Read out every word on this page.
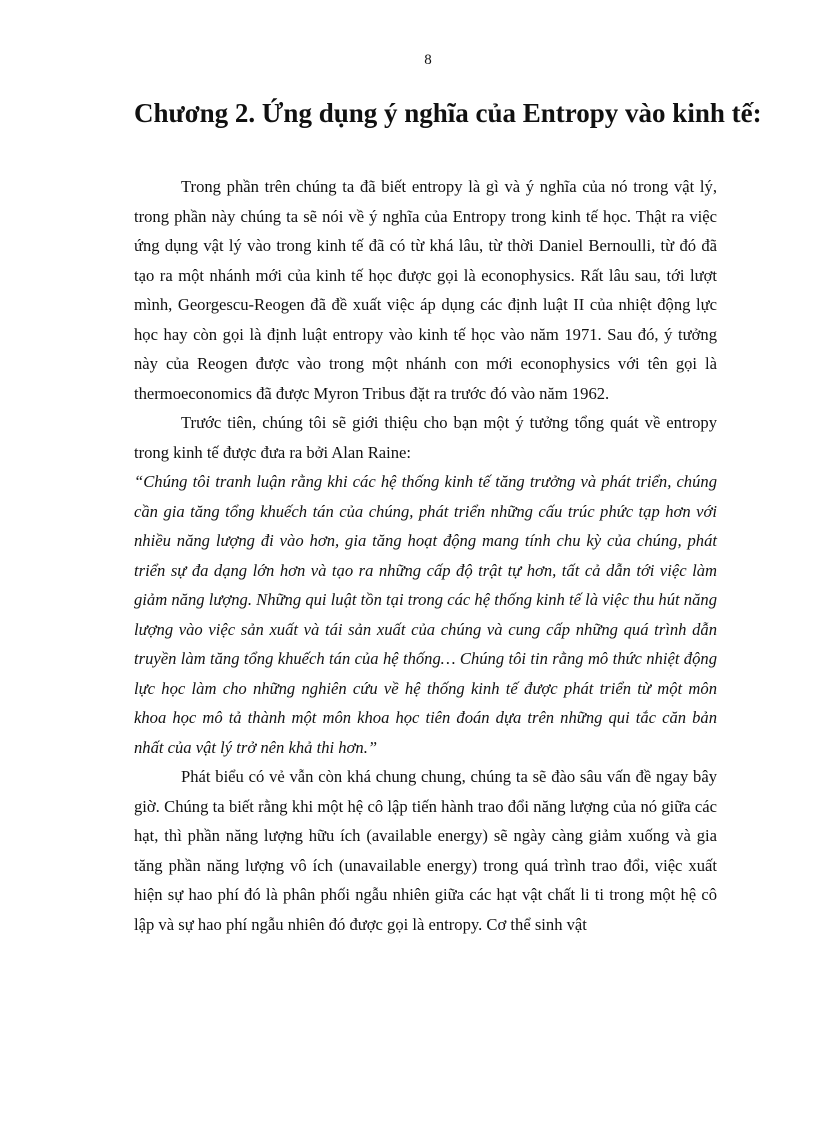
8
Chương 2. Ứng dụng ý nghĩa của Entropy vào kinh tế:

Trong phần trên chúng ta đã biết entropy là gì và ý nghĩa của nó trong vật lý, trong phần này chúng ta sẽ nói về ý nghĩa của Entropy trong kinh tế học. Thật ra việc ứng dụng vật lý vào trong kinh tế đã có từ khá lâu, từ thời Daniel Bernoulli, từ đó đã tạo ra một nhánh mới của kinh tế học được gọi là econophysics. Rất lâu sau, tới lượt mình, Georgescu-Reogen đã đề xuất việc áp dụng các định luật II của nhiệt động lực học hay còn gọi là định luật entropy vào kinh tế học vào năm 1971. Sau đó, ý tưởng này của Reogen được vào trong một nhánh con mới econophysics với tên gọi là thermoeconomics đã được Myron Tribus đặt ra trước đó vào năm 1962.

Trước tiên, chúng tôi sẽ giới thiệu cho bạn một ý tưởng tổng quát về entropy trong kinh tế được đưa ra bởi Alan Raine:

“Chúng tôi tranh luận rằng khi các hệ thống kinh tế tăng trưởng và phát triển, chúng cần gia tăng tổng khuếch tán của chúng, phát triển những cấu trúc phức tạp hơn với nhiều năng lượng đi vào hơn, gia tăng hoạt động mang tính chu kỳ của chúng, phát triển sự đa dạng lớn hơn và tạo ra những cấp độ trật tự hơn, tất cả dẫn tới việc làm giảm năng lượng. Những qui luật tồn tại trong các hệ thống kinh tế là việc thu hút năng lượng vào việc sản xuất và tái sản xuất của chúng và cung cấp những quá trình dẫn truyền làm tăng tổng khuếch tán của hệ thống… Chúng tôi tin rằng mô thức nhiệt động lực học làm cho những nghiên cứu về hệ thống kinh tế được phát triển từ một môn khoa học mô tả thành một môn khoa học tiên đoán dựa trên những qui tắc căn bản nhất của vật lý trở nên khả thi hơn.”

Phát biểu có vẻ vẫn còn khá chung chung, chúng ta sẽ đào sâu vấn đề ngay bây giờ. Chúng ta biết rằng khi một hệ cô lập tiến hành trao đổi năng lượng của nó giữa các hạt, thì phần năng lượng hữu ích (available energy) sẽ ngày càng giảm xuống và gia tăng phần năng lượng vô ích (unavailable energy) trong quá trình trao đổi, việc xuất hiện sự hao phí đó là phân phối ngẫu nhiên giữa các hạt vật chất li ti trong một hệ cô lập và sự hao phí ngẫu nhiên đó được gọi là entropy. Cơ thể sinh vật
